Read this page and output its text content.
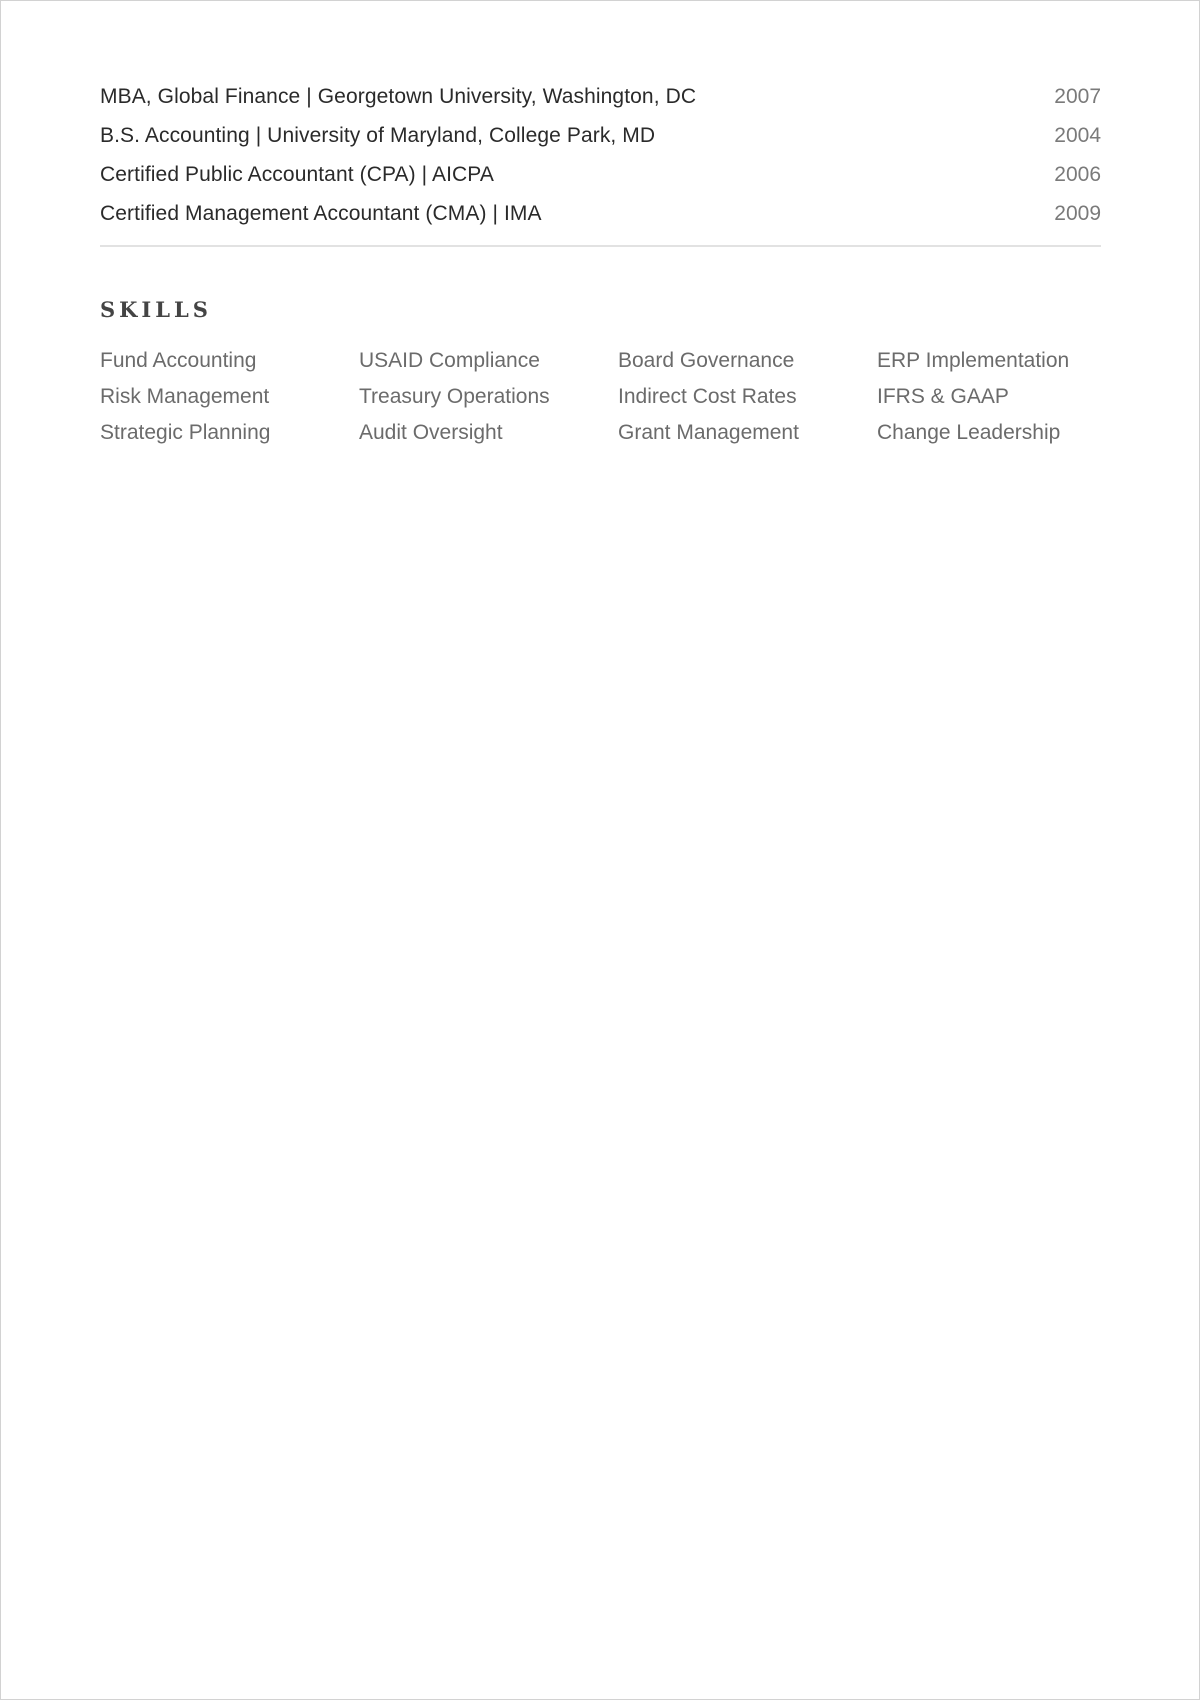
MBA, Global Finance | Georgetown University, Washington, DC	2007
B.S. Accounting | University of Maryland, College Park, MD	2004
Certified Public Accountant (CPA) | AICPA	2006
Certified Management Accountant (CMA) | IMA	2009
SKILLS
Fund Accounting	USAID Compliance	Board Governance	ERP Implementation
Risk Management	Treasury Operations	Indirect Cost Rates	IFRS & GAAP
Strategic Planning	Audit Oversight	Grant Management	Change Leadership
